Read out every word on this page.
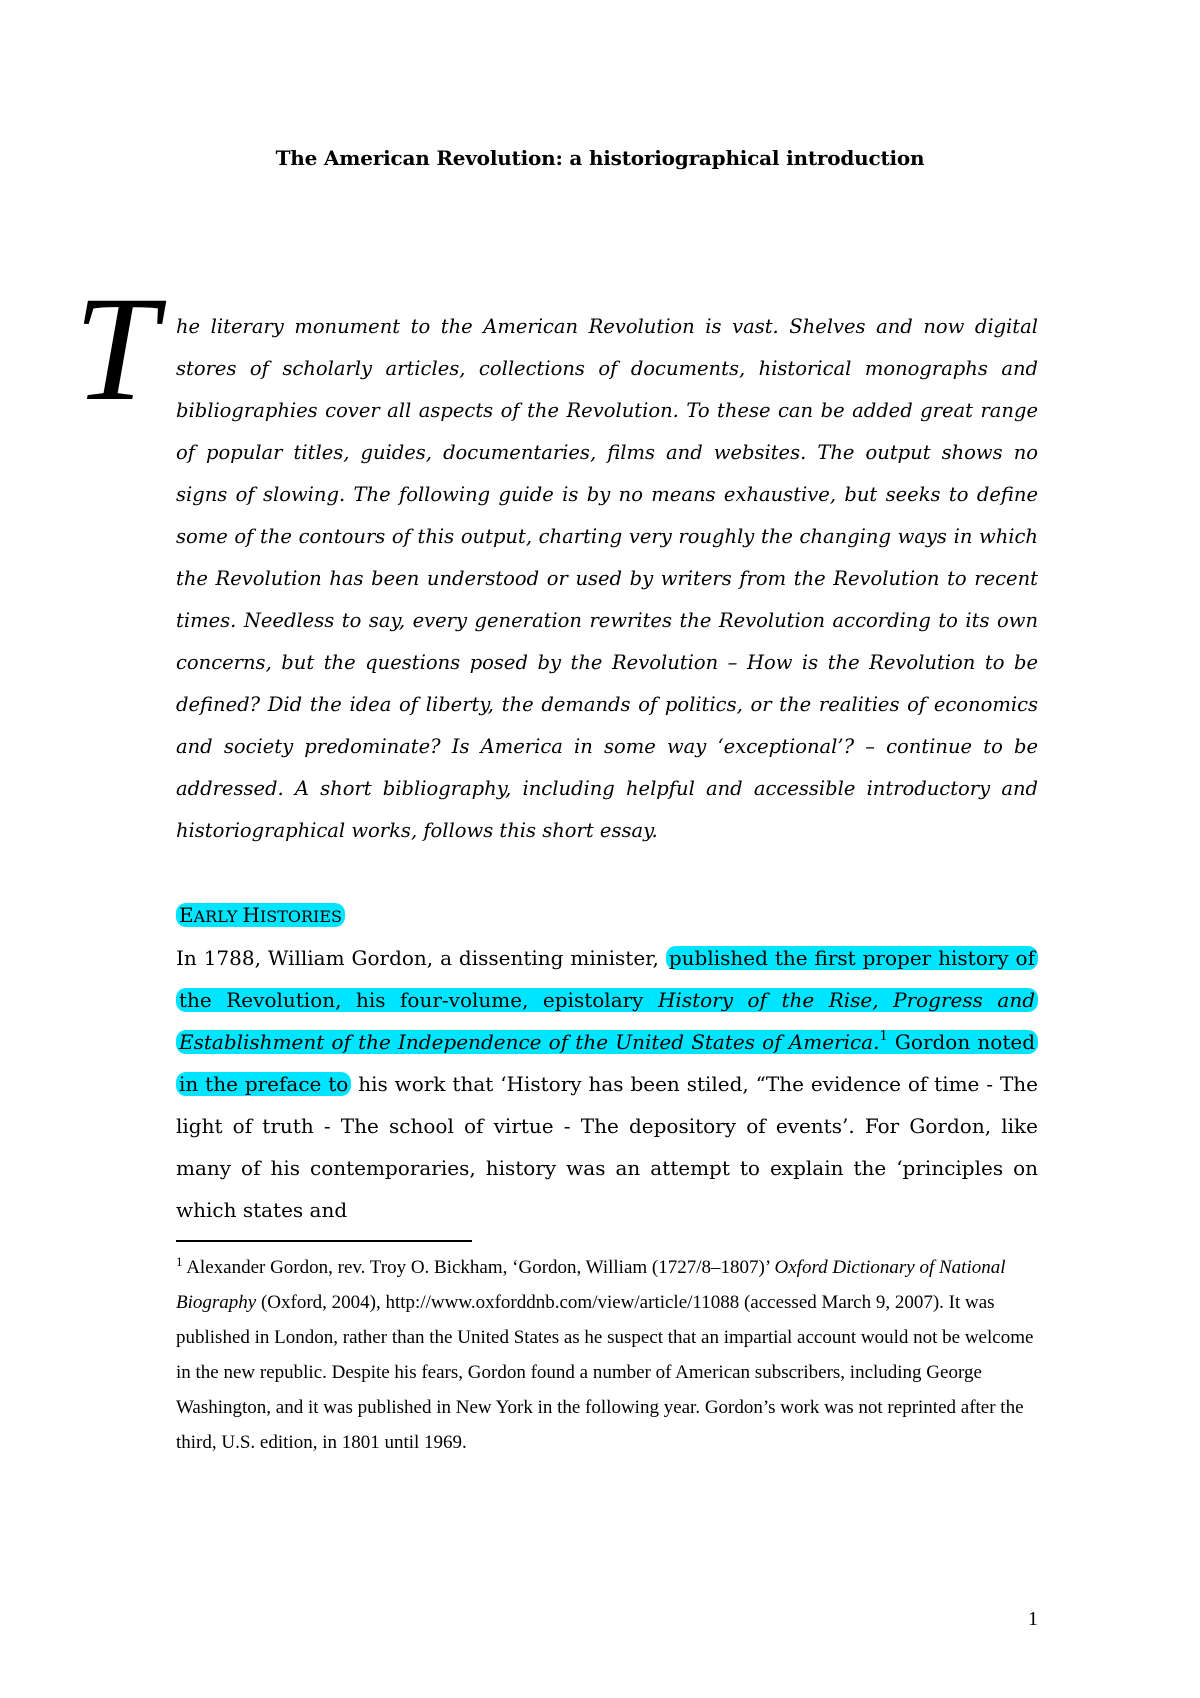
The American Revolution: a historiographical introduction
T he literary monument to the American Revolution is vast. Shelves and now digital stores of scholarly articles, collections of documents, historical monographs and bibliographies cover all aspects of the Revolution. To these can be added great range of popular titles, guides, documentaries, films and websites. The output shows no signs of slowing. The following guide is by no means exhaustive, but seeks to define some of the contours of this output, charting very roughly the changing ways in which the Revolution has been understood or used by writers from the Revolution to recent times. Needless to say, every generation rewrites the Revolution according to its own concerns, but the questions posed by the Revolution – How is the Revolution to be defined? Did the idea of liberty, the demands of politics, or the realities of economics and society predominate? Is America in some way ‘exceptional’? – continue to be addressed. A short bibliography, including helpful and accessible introductory and historiographical works, follows this short essay.
EARLY HISTORIES
In 1788, William Gordon, a dissenting minister, published the first proper history of the Revolution, his four-volume, epistolary History of the Rise, Progress and Establishment of the Independence of the United States of America.$^1$ Gordon noted in the preface to his work that ‘History has been stiled, “The evidence of time - The light of truth - The school of virtue - The depository of events’. For Gordon, like many of his contemporaries, history was an attempt to explain the ‘principles on which states and
$^1$ Alexander Gordon, rev. Troy O. Bickham, ‘Gordon, William (1727/8–1807)’ Oxford Dictionary of National Biography (Oxford, 2004), http://www.oxforddnb.com/view/article/11088 (accessed March 9, 2007). It was published in London, rather than the United States as he suspect that an impartial account would not be welcome in the new republic. Despite his fears, Gordon found a number of American subscribers, including George Washington, and it was published in New York in the following year. Gordon’s work was not reprinted after the third, U.S. edition, in 1801 until 1969.
1
